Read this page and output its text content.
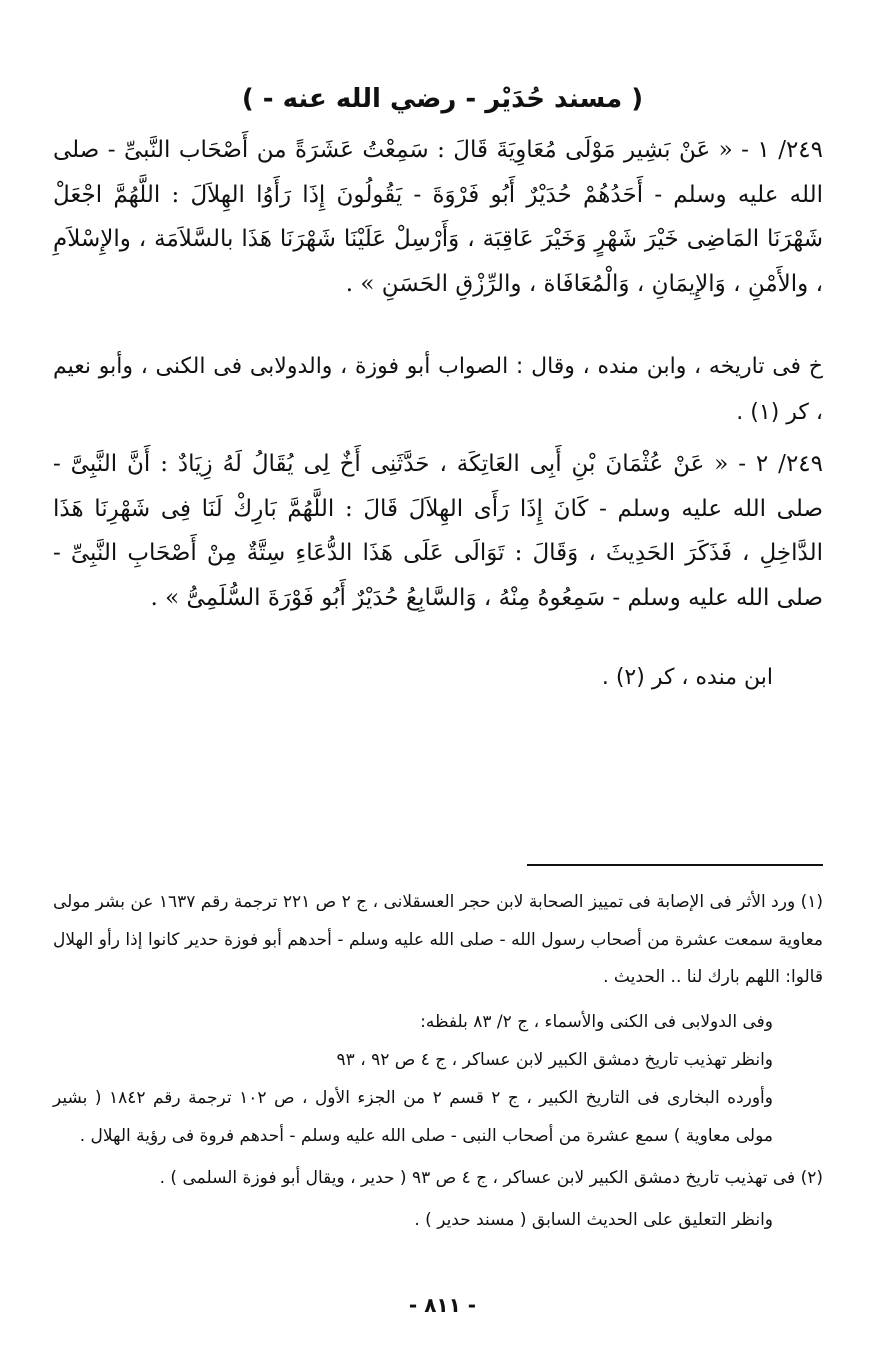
( مسند حُدَيْر - رضي الله عنه - )

٢٤٩/ ١ - « عَنْ بَشِير مَوْلَى مُعَاوِيَةَ قَالَ : سَمِعْتُ عَشَرَةً من أَصْحَاب النَّبىِّ - صلى الله عليه وسلم - أَحَدُهُمْ حُدَيْرٌ أَبُو فَرْوَةَ - يَقُولُونَ إِذَا رَأَوُا الهِلاَلَ : اللَّهُمَّ اجْعَلْ شَهْرَنَا المَاضِى خَيْرَ شَهْرٍ وَخَيْرَ عَاقِبَة ، وَأَرْسِلْ عَلَيْنَا شَهْرَنَا هَذَا بالسَّلاَمَة ، والإِسْلاَمِ ، والأَمْنِ ، وَالإِيمَانِ ، وَالْمُعَافَاة ، والرِّزْقِ الحَسَنِ » .

خ فى تاريخه ، وابن منده ، وقال : الصواب أبو فوزة ، والدولابى فى الكنى ، وأبو نعيم ، كر (١) .

٢٤٩/ ٢ - « عَنْ عُثْمَانَ بْنِ أَبِى العَاتِكَة ، حَدَّثَنِى أَخٌ لِى يُقَالُ لَهُ زِيَادٌ : أَنَّ النَّبِىَّ - صلى الله عليه وسلم - كَانَ إِذَا رَأَى الهِلاَلَ قَالَ : اللَّهُمَّ بَارِكْ لَنَا فِى شَهْرِنَا هَذَا الدَّاخِلِ ، فَذَكَرَ الحَدِيثَ ، وَقَالَ : تَوَالَى عَلَى هَذَا الدُّعَاءِ سِتَّةٌ مِنْ أَصْحَابِ النَّبِىِّ - صلى الله عليه وسلم - سَمِعُوهُ مِنْهُ ، وَالسَّابِعُ حُدَيْرٌ أَبُو فَوْرَةَ السُّلَمِىُّ » .

ابن منده ، كر (٢) .

(١) ورد الأثر فى الإصابة فى تمييز الصحابة لابن حجر العسقلانى ، ج ٢ ص ٢٢١ ترجمة رقم ١٦٣٧ عن بشر مولى معاوية سمعت عشرة من أصحاب رسول الله - صلى الله عليه وسلم - أحدهم أبو فوزة حدير كانوا إذا رأو الهلال قالوا: اللهم بارك لنا .. الحديث .

وفى الدولابى فى الكنى والأسماء ، ج ٢/ ٨٣ بلفظه:

وانظر تهذيب تاريخ دمشق الكبير لابن عساكر ، ج ٤ ص ٩٢ ، ٩٣

وأورده البخارى فى التاريخ الكبير ، ج ٢ قسم ٢ من الجزء الأول ، ص ١٠٢ ترجمة رقم ١٨٤٢ ( بشير مولى معاوية ) سمع عشرة من أصحاب النبى - صلى الله عليه وسلم - أحدهم فروة فى رؤية الهلال .

(٢) فى تهذيب تاريخ دمشق الكبير لابن عساكر ، ج ٤ ص ٩٣ ( حدير ، ويقال أبو فوزة السلمى ) .

وانظر التعليق على الحديث السابق ( مسند حدير ) .

- ٨١١ -
